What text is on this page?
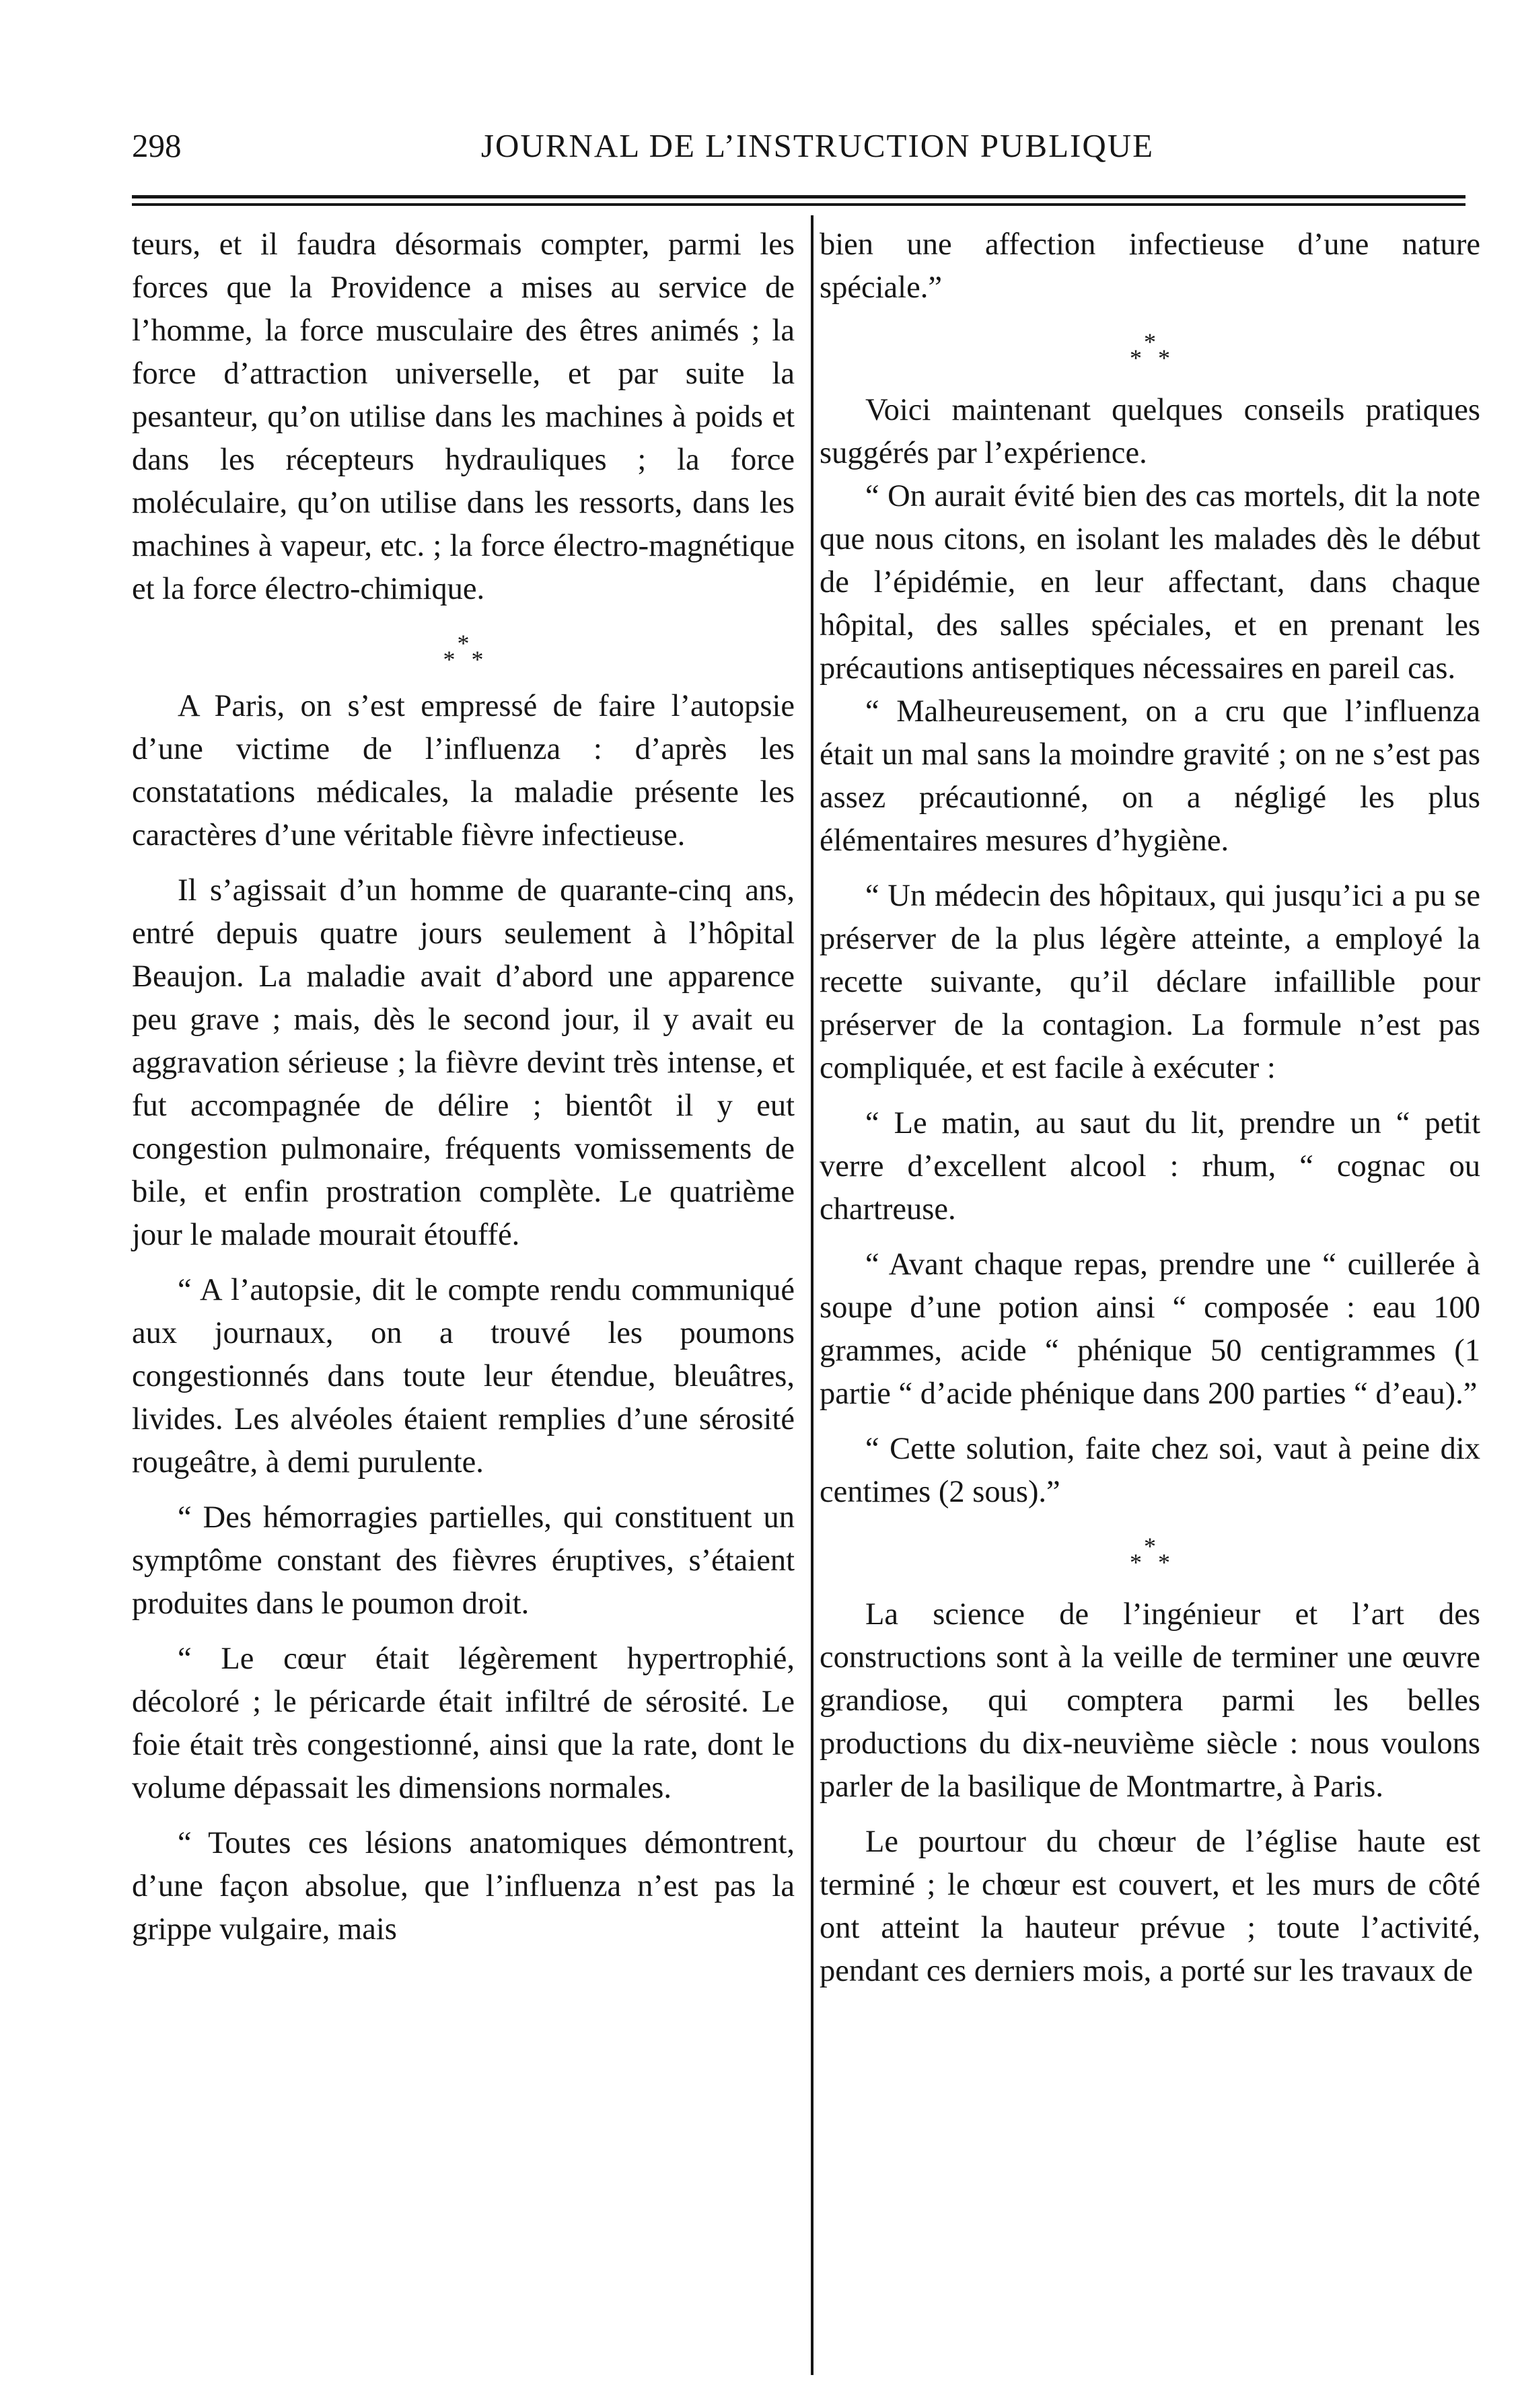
298	JOURNAL DE L’INSTRUCTION PUBLIQUE

teurs, et il faudra désormais compter, parmi les forces que la Providence a mises au service de l’homme, la force musculaire des êtres animés ; la force d’attraction universelle, et par suite la pesanteur, qu’on utilise dans les machines à poids et dans les récepteurs hydrauliques ; la force moléculaire, qu’on utilise dans les ressorts, dans les machines à vapeur, etc. ; la force électro-magnétique et la force électro-chimique.

*
* *

A Paris, on s’est empressé de faire l’autopsie d’une victime de l’influenza : d’après les constatations médicales, la maladie présente les caractères d’une véritable fièvre infectieuse.

Il s’agissait d’un homme de quarante-cinq ans, entré depuis quatre jours seulement à l’hôpital Beaujon. La maladie avait d’abord une apparence peu grave ; mais, dès le second jour, il y avait eu aggravation sérieuse ; la fièvre devint très intense, et fut accompagnée de délire ; bientôt il y eut congestion pulmonaire, fréquents vomissements de bile, et enfin prostration complète. Le quatrième jour le malade mourait étouffé.

“ A l’autopsie, dit le compte rendu communiqué aux journaux, on a trouvé les poumons congestionnés dans toute leur étendue, bleuâtres, livides. Les alvéoles étaient remplies d’une sérosité rougeâtre, à demi purulente.

“ Des hémorragies partielles, qui constituent un symptôme constant des fièvres éruptives, s’étaient produites dans le poumon droit.

“ Le cœur était légèrement hypertrophié, décoloré ; le péricarde était infiltré de sérosité. Le foie était très congestionné, ainsi que la rate, dont le volume dépassait les dimensions normales.

“ Toutes ces lésions anatomiques démontrent, d’une façon absolue, que l’influenza n’est pas la grippe vulgaire, mais

bien une affection infectieuse d’une nature spéciale.”

*
* *

Voici maintenant quelques conseils pratiques suggérés par l’expérience.

“ On aurait évité bien des cas mortels, dit la note que nous citons, en isolant les malades dès le début de l’épidémie, en leur affectant, dans chaque hôpital, des salles spéciales, et en prenant les précautions antiseptiques nécessaires en pareil cas.

“ Malheureusement, on a cru que l’influenza était un mal sans la moindre gravité ; on ne s’est pas assez précautionné, on a négligé les plus élémentaires mesures d’hygiène.

“ Un médecin des hôpitaux, qui jusqu’ici a pu se préserver de la plus légère atteinte, a employé la recette suivante, qu’il déclare infaillible pour préserver de la contagion. La formule n’est pas compliquée, et est facile à exécuter :

“ Le matin, au saut du lit, prendre un “ petit verre d’excellent alcool : rhum, “ cognac ou chartreuse.

“ Avant chaque repas, prendre une “ cuillerée à soupe d’une potion ainsi “ composée : eau 100 grammes, acide “ phénique 50 centigrammes (1 partie “ d’acide phénique dans 200 parties “ d’eau).”

“ Cette solution, faite chez soi, vaut à peine dix centimes (2 sous).”

*
* *

La science de l’ingénieur et l’art des constructions sont à la veille de terminer une œuvre grandiose, qui comptera parmi les belles productions du dix-neuvième siècle : nous voulons parler de la basilique de Montmartre, à Paris.

Le pourtour du chœur de l’église haute est terminé ; le chœur est couvert, et les murs de côté ont atteint la hauteur prévue ; toute l’activité, pendant ces derniers mois, a porté sur les travaux de
